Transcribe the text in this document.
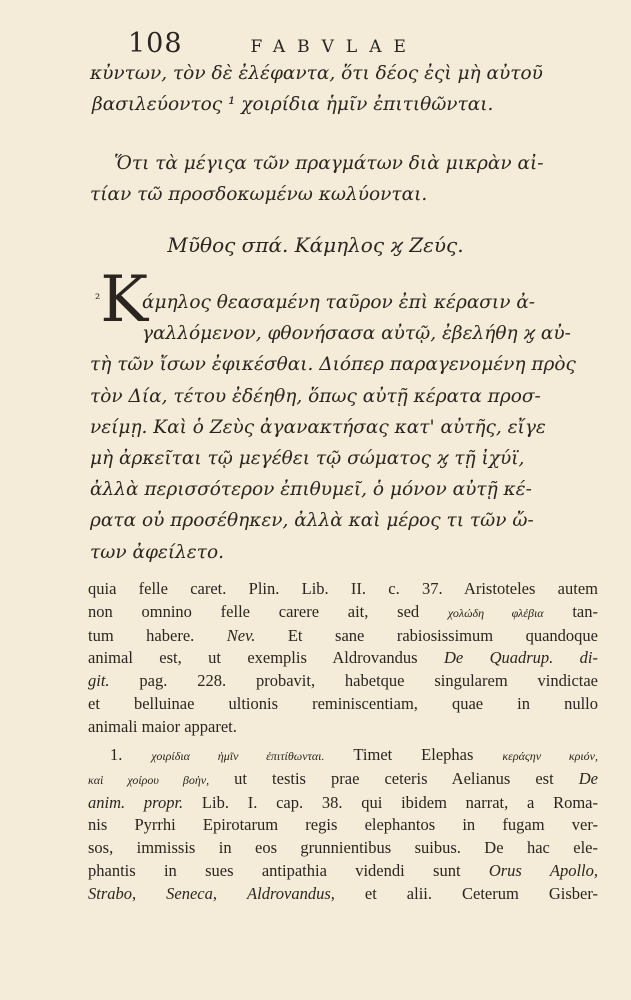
108	FABVLAE
κὐντων, τὸν δὲ ἐλέφαντα, ὅτι δέος ἐςὶ μὴ αὐτοῦ
βασιλεύοντος ¹ χοιρίδια ἡμῖν ἐπιτιθῶνται.
Ὅτι τὰ μέγιςα τῶν πραγμάτων διὰ μικρὰν αἰ-
τίαν τῶ προσδοκωμένω κωλύονται.
Μῦθος σπά. Κάμηλος ϗ Ζεύς.
$^{^2}$Κ
άμηλος θεασαμένη ταῦρον ἐπὶ κέρασιν ἀ-
γαλλόμενον, φθονήσασα αὐτῷ, ἐβελήθη ϗ αὐ-
τὴ τῶν ἴσων ἐφικέσθαι. Διόπερ παραγενομένη πρὸς
τὸν Δία, τέτου ἐδέηθη, ὅπως αὐτῇ κέρατα προσ-
νείμῃ. Καὶ ὁ Ζεὺς ἀγανακτήσας κατ' αὐτῆς, εἴγε
μὴ ἀρκεῖται τῷ μεγέθει τῷ σώματος ϗ τῇ ἰχύϊ,
ἀλλὰ περισσότερον ἐπιθυμεῖ, ὁ μόνον αὐτῇ κέ-
ρατα οὐ προσέθηκεν, ἀλλὰ καὶ μέρος τι τῶν ὤ-
των ἀφείλετο.
quia felle caret. Plin. Lib. II. c. 37. Aristoteles autem
non omnino felle carere ait, sed χολώδη φλέβια tan-
tum habere. Nev. Et sane rabiosissimum quandoque
animal est, ut exemplis Aldrovandus De Quadrup. di-
git. pag. 228. probavit, habetque singularem vindictae
et belluinae ultionis reminiscentiam, quae in nullo
animali maior apparet.
1. χοιρίδια ἡμῖν ἐπιτίθωνται. Timet Elephas κεράςην κριόν,
καὶ χοίρου βοὴν, ut testis prae ceteris Aelianus est De
anim. propr. Lib. I. cap. 38. qui ibidem narrat, a Roma-
nis Pyrrhi Epirotarum regis elephantos in fugam ver-
sos, immissis in eos grunnientibus suibus. De hac ele-
phantis in sues antipathia videndi sunt Orus Apollo,
Strabo, Seneca, Aldrovandus, et alii. Ceterum Gisber-
